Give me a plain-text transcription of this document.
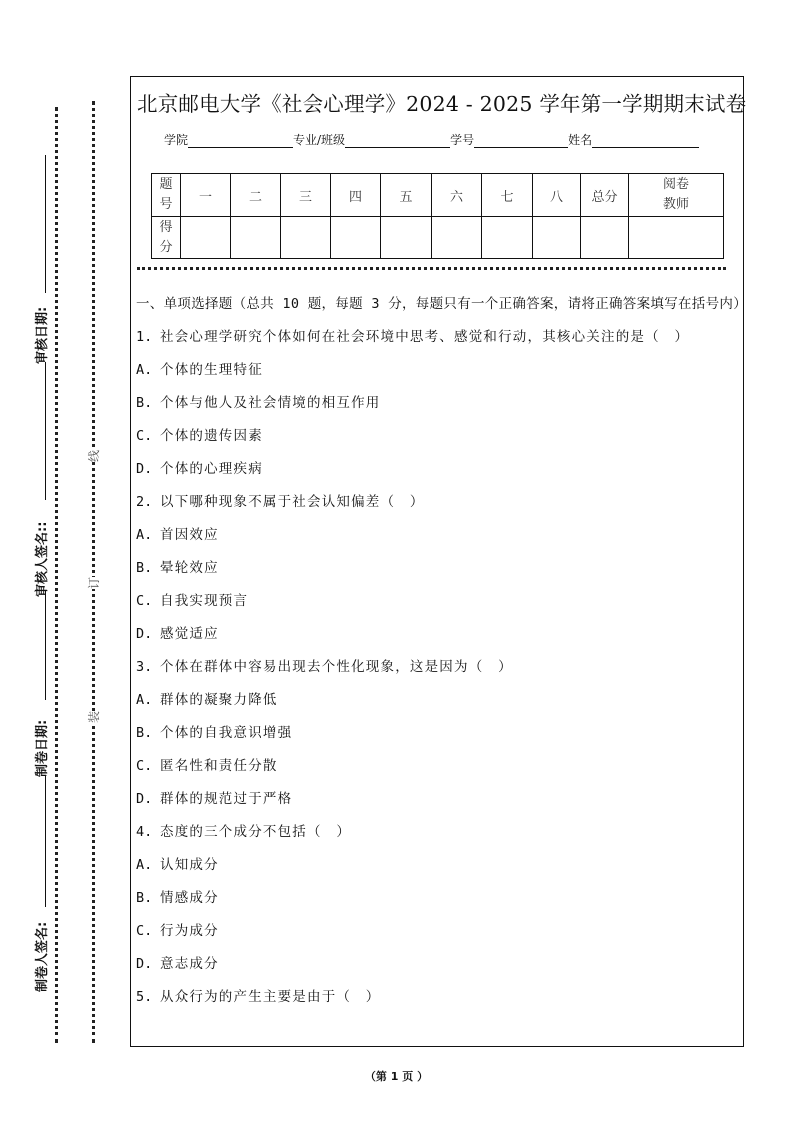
审核日期:
审核人签名::
制卷日期:
制卷人签名:
线
订
装
北京邮电大学《社会心理学》2024 - 2025 学年第一学期期末试卷
学院	专业/班级	学号	姓名
题号	一	二	三	四	五	六	七	八	总分	阅卷教师
得分										
一、单项选择题（总共 10 题，每题 3 分，每题只有一个正确答案，请将正确答案填写在括号内）
1. 社会心理学研究个体如何在社会环境中思考、感觉和行动，其核心关注的是（　）
A. 个体的生理特征
B. 个体与他人及社会情境的相互作用
C. 个体的遗传因素
D. 个体的心理疾病
2. 以下哪种现象不属于社会认知偏差（　）
A. 首因效应
B. 晕轮效应
C. 自我实现预言
D. 感觉适应
3. 个体在群体中容易出现去个性化现象，这是因为（　）
A. 群体的凝聚力降低
B. 个体的自我意识增强
C. 匿名性和责任分散
D. 群体的规范过于严格
4. 态度的三个成分不包括（　）
A. 认知成分
B. 情感成分
C. 行为成分
D. 意志成分
5. 从众行为的产生主要是由于（　）
（第 1 页 ）
